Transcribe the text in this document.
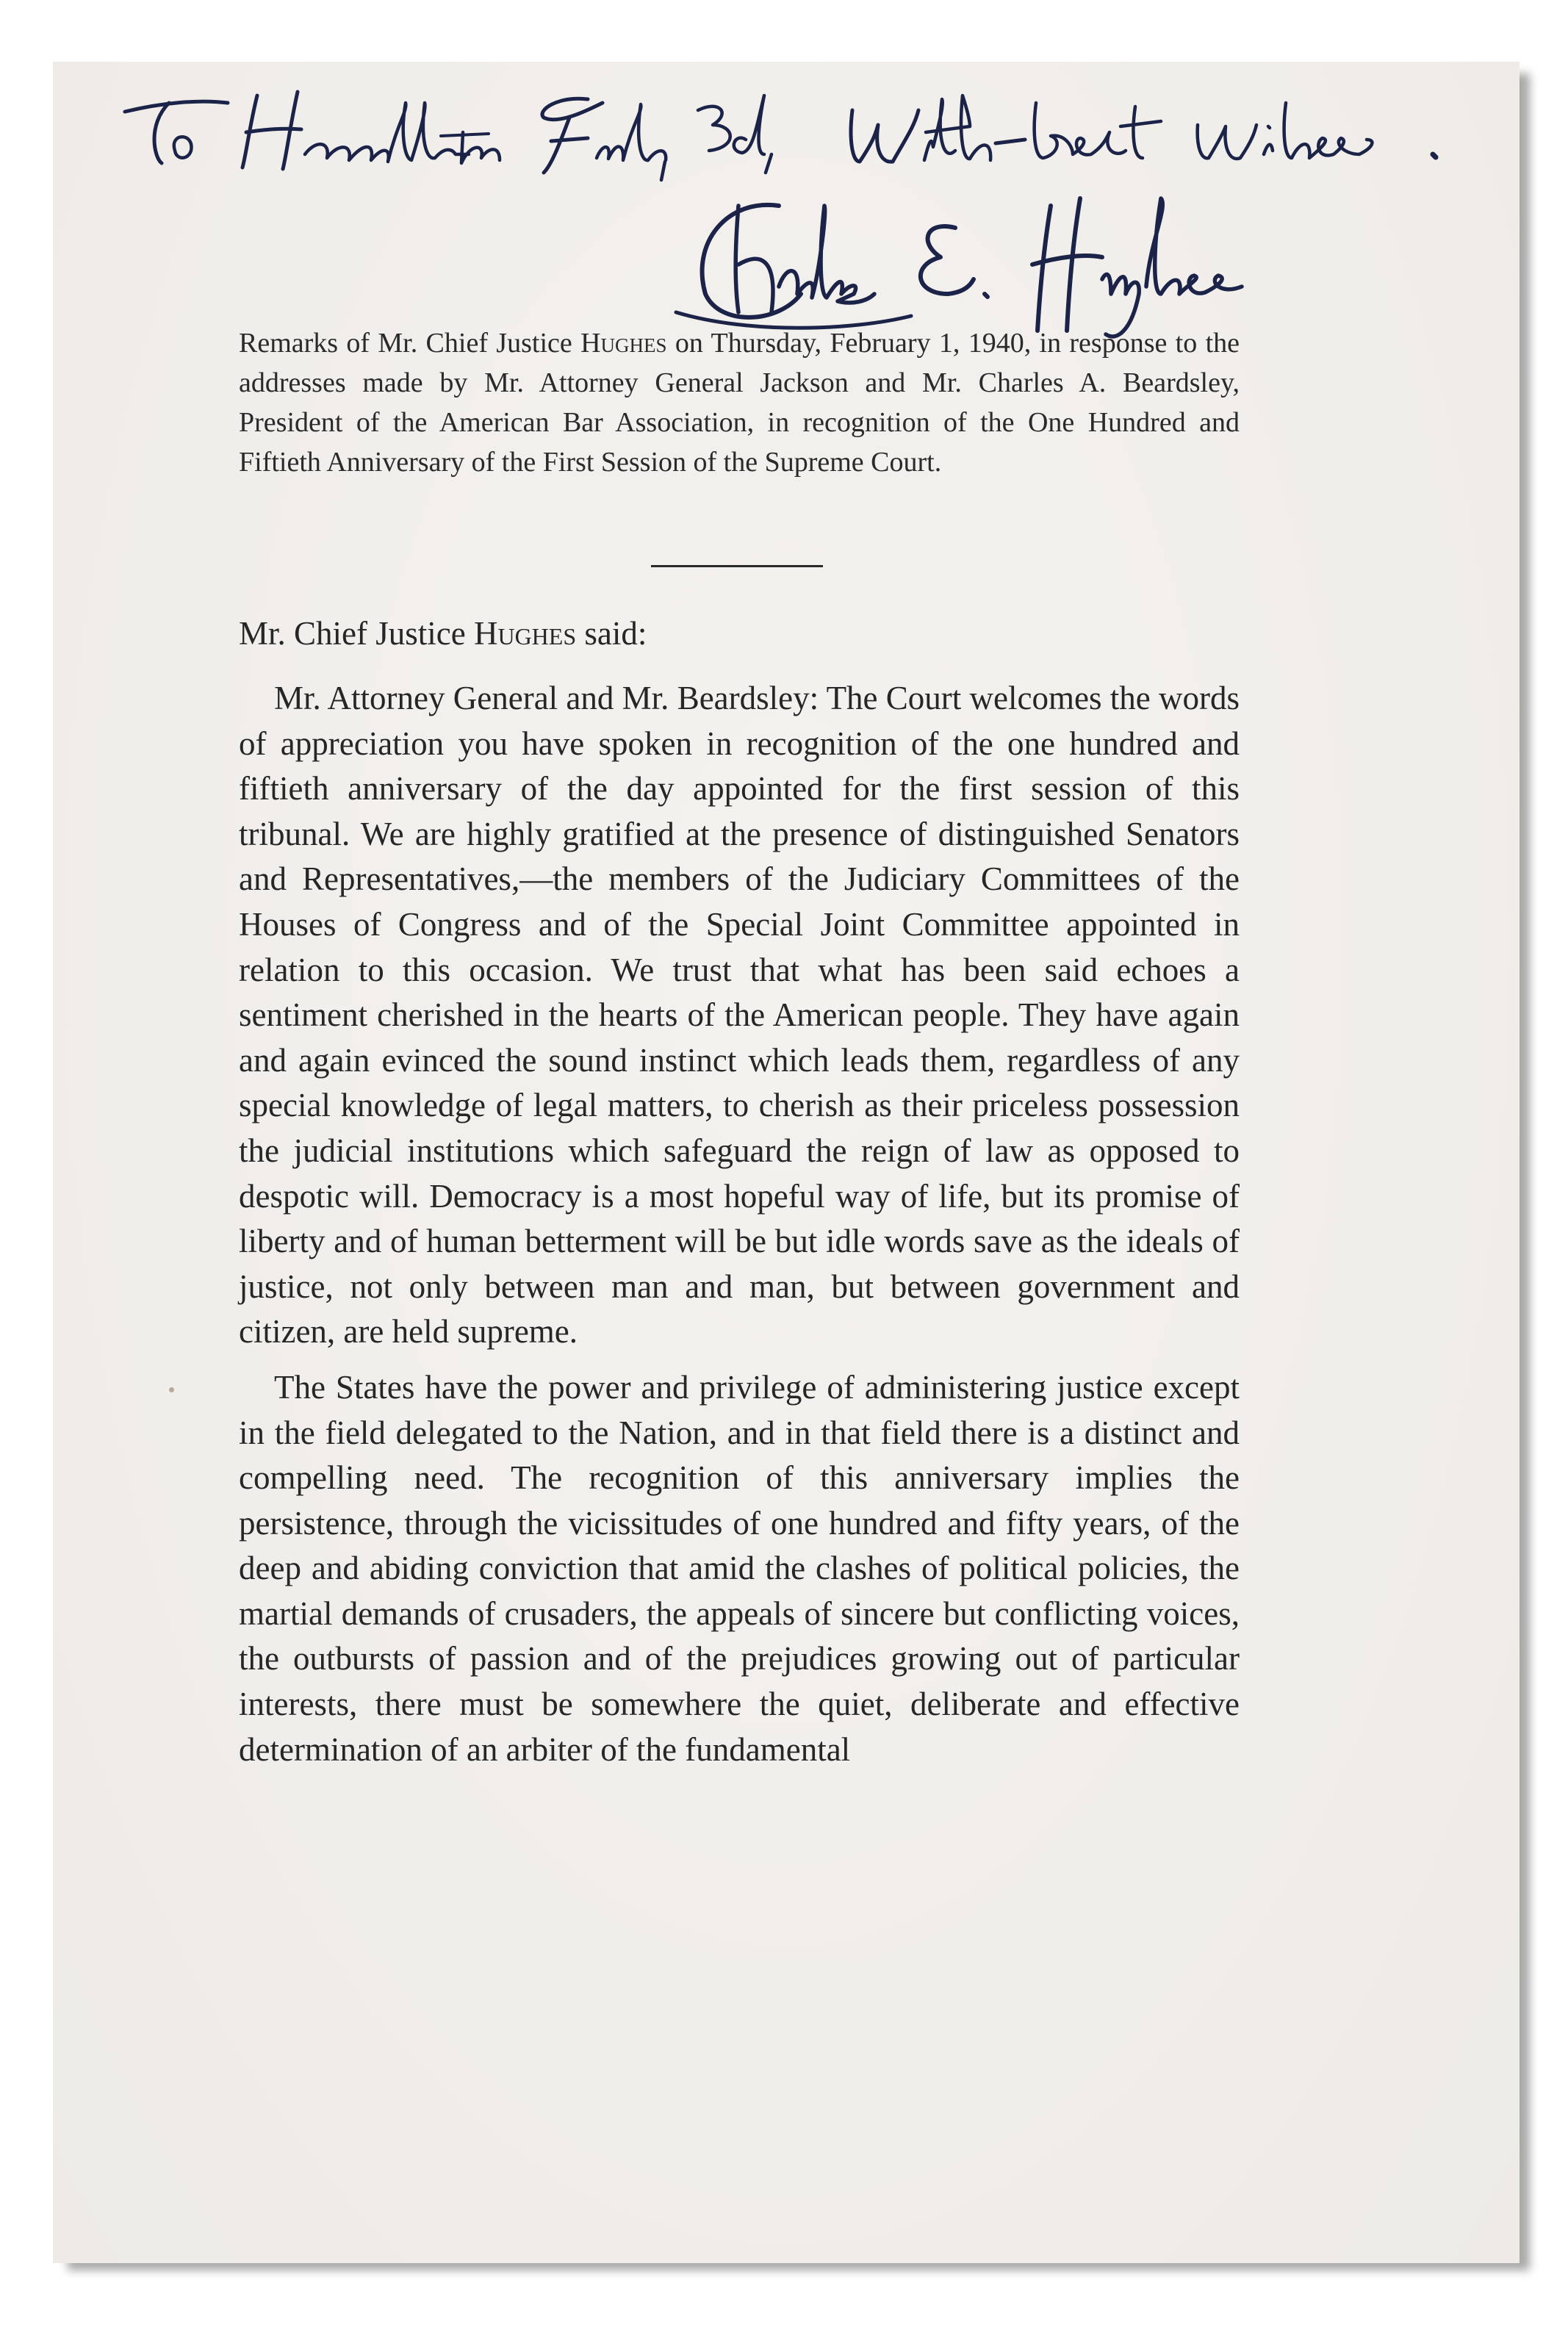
Remarks of Mr. Chief Justice Hughes on Thursday, February 1, 1940, in response to the addresses made by Mr. Attorney General Jackson and Mr. Charles A. Beardsley, President of the American Bar Association, in recognition of the One Hundred and Fiftieth Anniversary of the First Session of the Supreme Court.
Mr. Chief Justice Hughes said:

Mr. Attorney General and Mr. Beardsley: The Court welcomes the words of appreciation you have spoken in recognition of the one hundred and fiftieth anniversary of the day appointed for the first session of this tribunal. We are highly gratified at the presence of distinguished Senators and Representatives,—the members of the Judiciary Committees of the Houses of Congress and of the Special Joint Committee appointed in relation to this occasion. We trust that what has been said echoes a sentiment cherished in the hearts of the American people. They have again and again evinced the sound instinct which leads them, regardless of any special knowledge of legal matters, to cherish as their priceless possession the judicial institutions which safeguard the reign of law as opposed to despotic will. Democracy is a most hopeful way of life, but its promise of liberty and of human betterment will be but idle words save as the ideals of justice, not only between man and man, but between government and citizen, are held supreme.

The States have the power and privilege of administering justice except in the field delegated to the Nation, and in that field there is a distinct and compelling need. The recognition of this anniversary implies the persistence, through the vicissitudes of one hundred and fifty years, of the deep and abiding conviction that amid the clashes of political policies, the martial demands of crusaders, the appeals of sincere but conflicting voices, the outbursts of passion and of the prejudices growing out of particular interests, there must be somewhere the quiet, deliberate and effective determination of an arbiter of the fundamental
